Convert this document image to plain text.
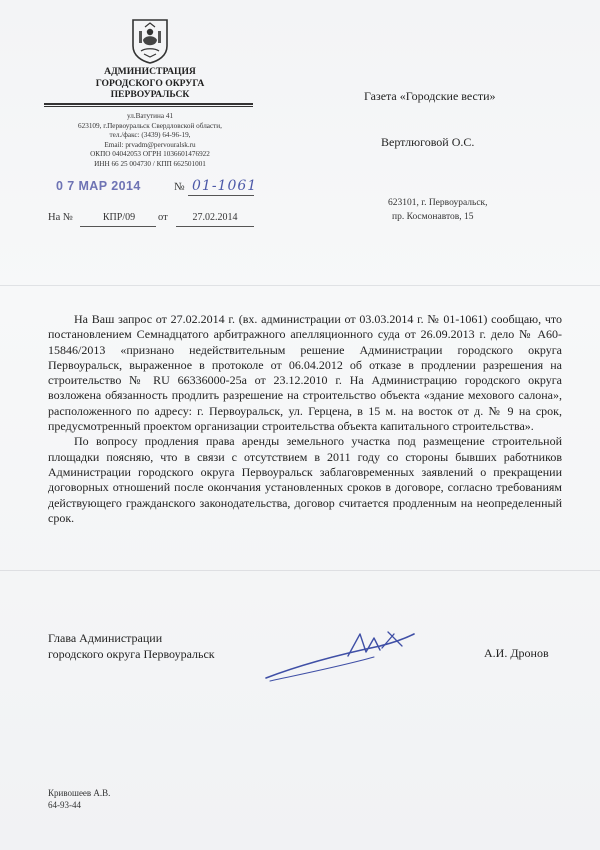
АДМИНИСТРАЦИЯ
ГОРОДСКОГО ОКРУГА
ПЕРВОУРАЛЬСК
ул.Ватутина 41
623109, г.Первоуральск Свердловской области,
тел./факс: (3439) 64-96-19,
Email: prvadm@pervouralsk.ru
ОКПО 04042053 ОГРН 1036601476922
ИНН 66 25 004730 / КПП 662501001
0 7 МАР 2014	№ 01-1061
На №	КПР/09	от	27.02.2014
Газета «Городские вести»
Вертлюговой О.С.
623101, г. Первоуральск,
пр. Космонавтов, 15

На Ваш запрос от 27.02.2014 г. (вх. администрации от 03.03.2014 г. № 01-1061) сообщаю, что постановлением Семнадцатого арбитражного апелляционного суда от 26.09.2013 г. дело № А60-15846/2013 «признано недействительным решение Администрации городского округа Первоуральск, выраженное в протоколе от 06.04.2012 об отказе в продлении разрешения на строительство № RU 66336000-25а от 23.12.2010 г. На Администрацию городского округа возложена обязанность продлить разрешение на строительство объекта «здание мехового салона», расположенного по адресу: г. Первоуральск, ул. Герцена, в 15 м. на восток от д. № 9 на срок, предусмотренный проектом организации строительства объекта капитального строительства».

По вопросу продления права аренды земельного участка под размещение строительной площадки поясняю, что в связи с отсутствием в 2011 году со стороны бывших работников Администрации городского округа Первоуральск заблаговременных заявлений о прекращении договорных отношений после окончания установленных сроков в договоре, согласно требованиям действующего гражданского законодательства, договор считается продленным на неопределенный срок.

Глава Администрации
городского округа Первоуральск	А.И. Дронов
Кривошеев А.В.
64-93-44
